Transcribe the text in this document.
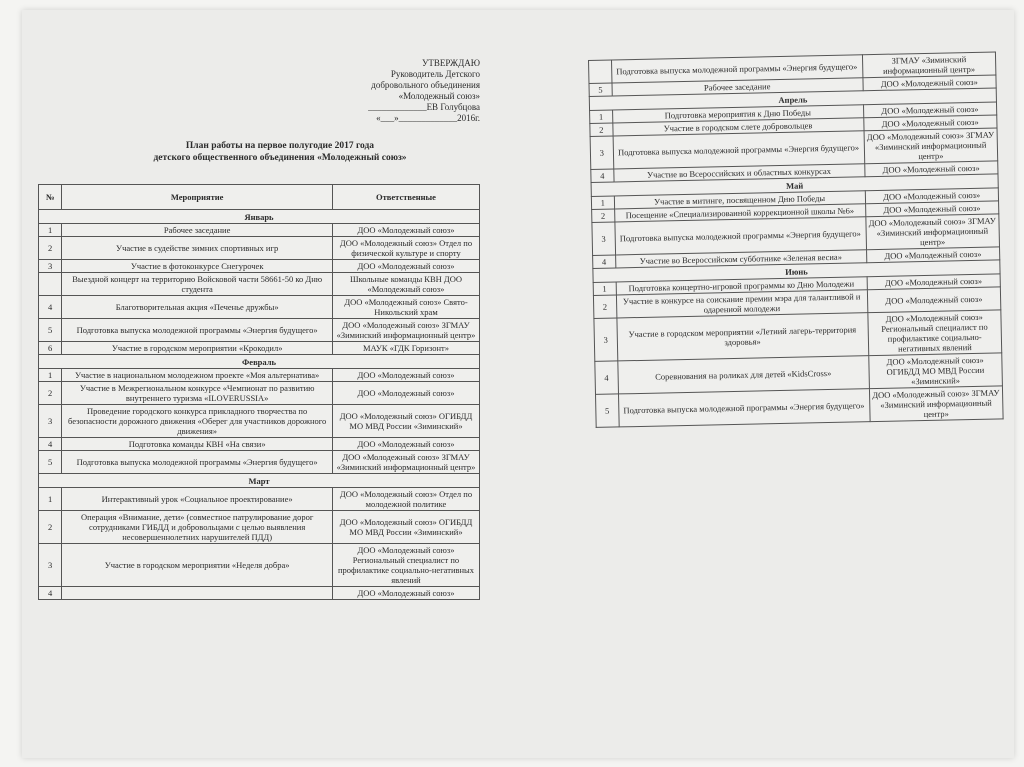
УТВЕРЖДАЮ
Руководитель Детского
добровольного объединения
«Молодежный союз»
_____________ЕВ Голубцова
«___»_____________2016г.
План работы на первое полугодие 2017 года
детского общественного объединения «Молодежный союз»
№	Мероприятие	Ответственные
Январь		
1	Рабочее заседание	ДОО «Молодежный союз»
2	Участие в судействе зимних спортивных игр	ДОО «Молодежный союз» Отдел по физической культуре и спорту
3	Участие в фотоконкурсе Снегурочек	ДОО «Молодежный союз»
	Выездной концерт на территорию Войсковой части 58661-50 ко Дню студента	Школьные команды КВН ДОО «Молодежный союз»
4	Благотворительная акция «Печенье дружбы»	ДОО «Молодежный союз» Свято-Никольский храм
5	Подготовка выпуска молодежной программы «Энергия будущего»	ДОО «Молодежный союз» ЗГМАУ «Зиминский информационный центр»
6	Участие в городском мероприятии «Крокодил»	МАУК «ГДК Горизонт»
Февраль		
1	Участие в национальном молодежном проекте «Моя альтернатива»	ДОО «Молодежный союз»
2	Участие в Межрегиональном конкурсе «Чемпионат по развитию внутреннего туризма «ILOVERUSSIA»	ДОО «Молодежный союз»
3	Проведение городского конкурса прикладного творчества по безопасности дорожного движения «Оберег для участников дорожного движения»	ДОО «Молодежный союз» ОГИБДД МО МВД России «Зиминский»
4	Подготовка команды КВН «На связи»	ДОО «Молодежный союз»
5	Подготовка выпуска молодежной программы «Энергия будущего»	ДОО «Молодежный союз» ЗГМАУ «Зиминский информационный центр»
Март		
1	Интерактивный урок «Социальное проектирование»	ДОО «Молодежный союз» Отдел по молодежной политике
2	Операция «Внимание, дети» (совместное патрулирование дорог сотрудниками ГИБДД и добровольцами с целью выявления несовершеннолетних нарушителей ПДД)	ДОО «Молодежный союз» ОГИБДД МО МВД России «Зиминский»
3	Участие в городском мероприятии «Неделя добра»	ДОО «Молодежный союз» Региональный специалист по профилактике социально-негативных явлений
4		ДОО «Молодежный союз»
	Подготовка выпуска молодежной программы «Энергия будущего»	ЗГМАУ «Зиминский информационный центр»
5	Рабочее заседание	ДОО «Молодежный союз»
Апрель		
1	Подготовка мероприятия к Дню Победы	ДОО «Молодежный союз»
2	Участие в городском слете добровольцев	ДОО «Молодежный союз»
3	Подготовка выпуска молодежной программы «Энергия будущего»	ДОО «Молодежный союз» ЗГМАУ «Зиминский информационный центр»
4	Участие во Всероссийских и областных конкурсах	ДОО «Молодежный союз»
Май		
1	Участие в митинге, посвященном Дню Победы	ДОО «Молодежный союз»
2	Посещение «Специализированной коррекционной школы №6»	ДОО «Молодежный союз»
3	Подготовка выпуска молодежной программы «Энергия будущего»	ДОО «Молодежный союз» ЗГМАУ «Зиминский информационный центр»
4	Участие во Всероссийском субботнике «Зеленая весна»	ДОО «Молодежный союз»
Июнь		
1	Подготовка концертно-игровой программы ко Дню Молодежи	ДОО «Молодежный союз»
2	Участие в конкурсе на соискание премии мэра для талантливой и одаренной молодежи	ДОО «Молодежный союз»
3	Участие в городском мероприятии «Летний лагерь-территория здоровья»	ДОО «Молодежный союз» Региональный специалист по профилактике социально-негативных явлений
4	Соревнования на роликах для детей «KidsCross»	ДОО «Молодежный союз» ОГИБДД МО МВД России «Зиминский»
5	Подготовка выпуска молодежной программы «Энергия будущего»	ДОО «Молодежный союз» ЗГМАУ «Зиминский информационный центр»
